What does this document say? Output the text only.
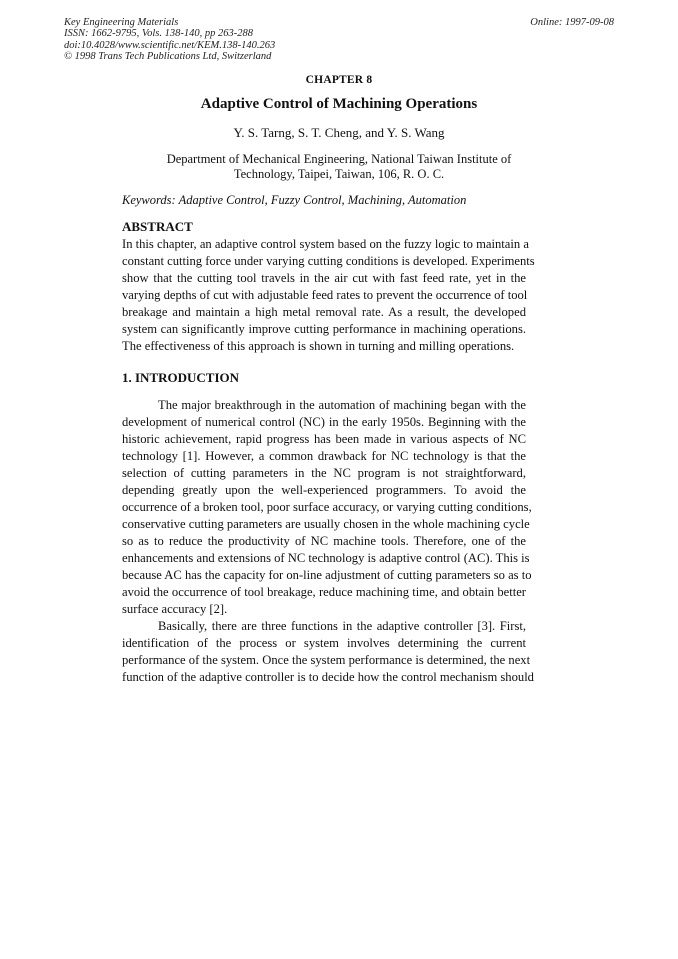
Key Engineering Materials
ISSN: 1662-9795, Vols. 138-140, pp 263-288
doi:10.4028/www.scientific.net/KEM.138-140.263
© 1998 Trans Tech Publications Ltd, Switzerland
Online: 1997-09-08
CHAPTER 8
Adaptive Control of Machining Operations
Y. S. Tarng, S. T. Cheng, and Y. S. Wang
Department of Mechanical Engineering, National Taiwan Institute of
Technology, Taipei, Taiwan, 106, R. O. C.
Keywords: Adaptive Control, Fuzzy Control, Machining, Automation
ABSTRACT
In this chapter, an adaptive control system based on the fuzzy logic to maintain a
constant cutting force under varying cutting conditions is developed. Experiments
show that the cutting tool travels in the air cut with fast feed rate, yet in the
varying depths of cut with adjustable feed rates to prevent the occurrence of tool
breakage and maintain a high metal removal rate. As a result, the developed
system can significantly improve cutting performance in machining operations.
The effectiveness of this approach is shown in turning and milling operations.
1. INTRODUCTION
The major breakthrough in the automation of machining began with the
development of numerical control (NC) in the early 1950s. Beginning with the
historic achievement, rapid progress has been made in various aspects of NC
technology [1]. However, a common drawback for NC technology is that the
selection of cutting parameters in the NC program is not straightforward,
depending greatly upon the well-experienced programmers. To avoid the
occurrence of a broken tool, poor surface accuracy, or varying cutting conditions,
conservative cutting parameters are usually chosen in the whole machining cycle
so as to reduce the productivity of NC machine tools. Therefore, one of the
enhancements and extensions of NC technology is adaptive control (AC). This is
because AC has the capacity for on-line adjustment of cutting parameters so as to
avoid the occurrence of tool breakage, reduce machining time, and obtain better
surface accuracy [2].
Basically, there are three functions in the adaptive controller [3]. First,
identification of the process or system involves determining the current
performance of the system. Once the system performance is determined, the next
function of the adaptive controller is to decide how the control mechanism should
